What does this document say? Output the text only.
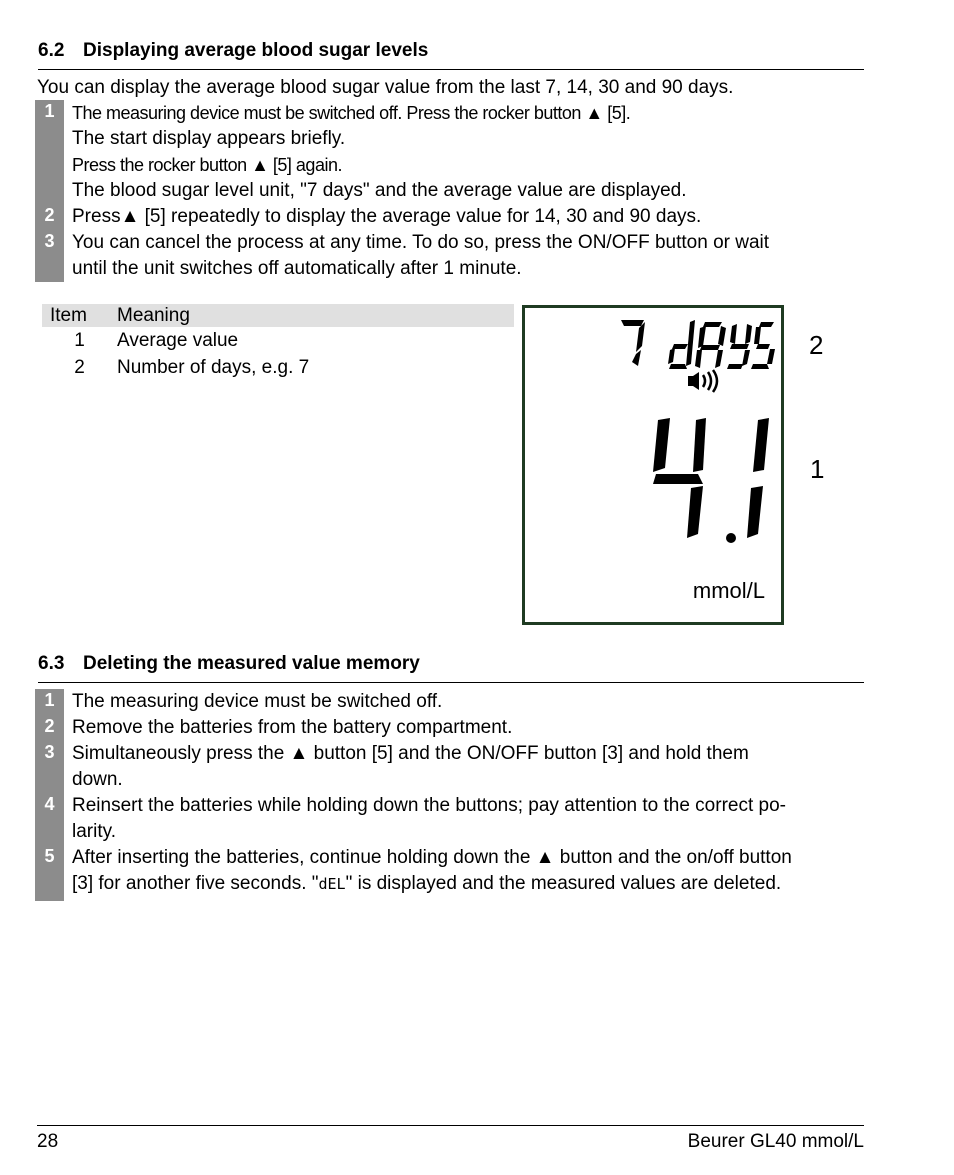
6.2 Displaying average blood sugar levels
You can display the average blood sugar value from the last 7, 14, 30 and 90 days.
1 The measuring device must be switched off. Press the rocker button ▲ [5].
The start display appears briefly.
Press the rocker button ▲ [5] again.
The blood sugar level unit, "7 days" and the average value are displayed.
2 Press▲ [5] repeatedly to display the average value for 14, 30 and 90 days.
3 You can cancel the process at any time. To do so, press the ON/OFF button or wait
until the unit switches off automatically after 1 minute.
Item	Meaning
1	Average value
2	Number of days, e.g. 7
mmol/L
2
1
6.3 Deleting the measured value memory
1 The measuring device must be switched off.
2 Remove the batteries from the battery compartment.
3 Simultaneously press the ▲ button [5] and the ON/OFF button [3] and hold them
down.
4 Reinsert the batteries while holding down the buttons; pay attention to the correct po-
larity.
5 After inserting the batteries, continue holding down the ▲ button and the on/off button
[3] for another five seconds. "dEL" is displayed and the measured values are deleted.
28	Beurer GL40 mmol/L
